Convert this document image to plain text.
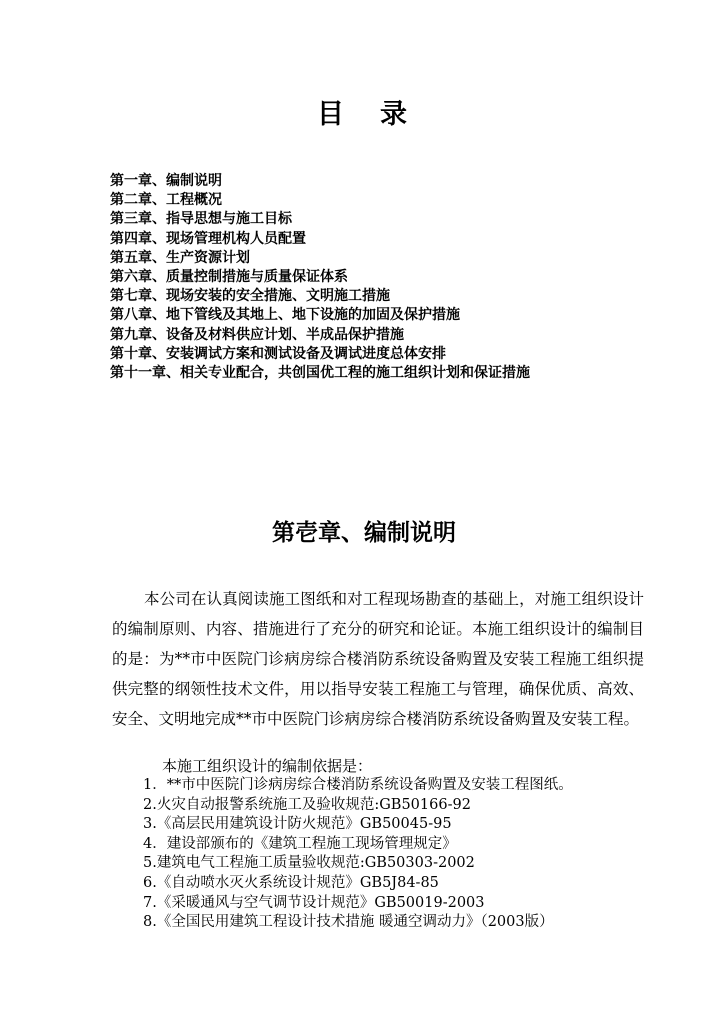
目 录
第一章、编制说明
第二章、工程概况
第三章、指导思想与施工目标
第四章、现场管理机构人员配置
第五章、生产资源计划
第六章、质量控制措施与质量保证体系
第七章、现场安装的安全措施、文明施工措施
第八章、地下管线及其地上、地下设施的加固及保护措施
第九章、设备及材料供应计划、半成品保护措施
第十章、安装调试方案和测试设备及调试进度总体安排
第十一章、相关专业配合，共创国优工程的施工组织计划和保证措施
第壱章、编制说明

本公司在认真阅读施工图纸和对工程现场勘查的基础上，对施工组织设计的编制原则、内容、措施进行了充分的研究和论证。本施工组织设计的编制目的是：为**市中医院门诊病房综合楼消防系统设备购置及安装工程施工组织提供完整的纲领性技术文件，用以指导安装工程施工与管理，确保优质、高效、安全、文明地完成**市中医院门诊病房综合楼消防系统设备购置及安装工程。

本施工组织设计的编制依据是：

1．**市中医院门诊病房综合楼消防系统设备购置及安装工程图纸。
2.火灾自动报警系统施工及验收规范:GB50166-92
3.《高层民用建筑设计防火规范》GB50045-95
4．建设部颁布的《建筑工程施工现场管理规定》
5.建筑电气工程施工质量验收规范:GB50303-2002
6.《自动喷水灭火系统设计规范》GB5J84-85
7.《采暖通风与空气调节设计规范》GB50019-2003
8.《全国民用建筑工程设计技术措施 暖通空调动力》（2003版）
